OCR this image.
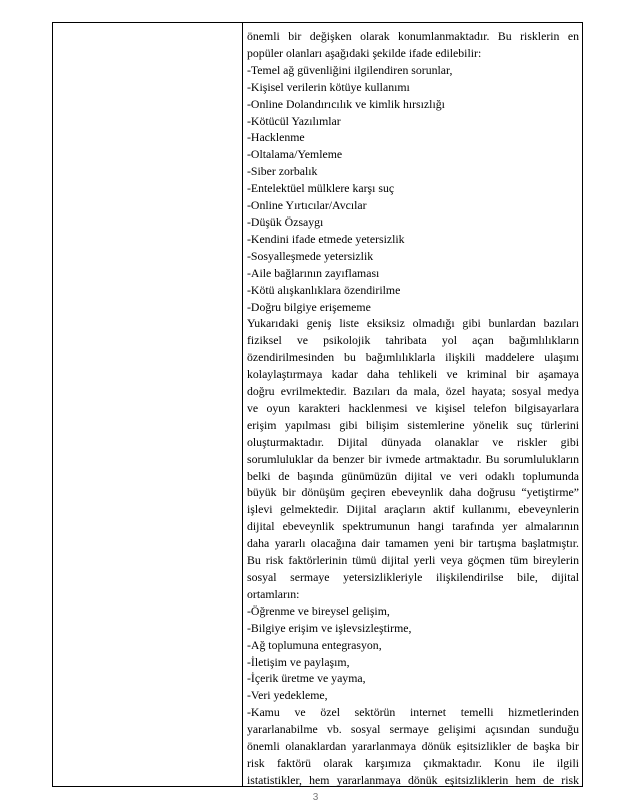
önemli bir değişken olarak konumlanmaktadır. Bu risklerin en
popüler olanları aşağıdaki şekilde ifade edilebilir:
-Temel ağ güvenliğini ilgilendiren sorunlar,
-Kişisel verilerin kötüye kullanımı
-Online Dolandırıcılık ve kimlik hırsızlığı
-Kötücül Yazılımlar
-Hacklenme
-Oltalama/Yemleme
-Siber zorbalık
-Entelektüel mülklere karşı suç
-Online Yırtıcılar/Avcılar
-Düşük Özsaygı
-Kendini ifade etmede yetersizlik
-Sosyalleşmede yetersizlik
-Aile bağlarının zayıflaması
-Kötü alışkanlıklara özendirilme
-Doğru bilgiye erişememe
Yukarıdaki geniş liste eksiksiz olmadığı gibi bunlardan bazıları
fiziksel ve psikolojik tahribata yol açan bağımlılıkların
özendirilmesinden bu bağımlılıklarla ilişkili maddelere ulaşımı
kolaylaştırmaya kadar daha tehlikeli ve kriminal bir aşamaya
doğru evrilmektedir. Bazıları da mala, özel hayata; sosyal medya
ve oyun karakteri hacklenmesi ve kişisel telefon bilgisayarlara
erişim yapılması gibi bilişim sistemlerine yönelik suç türlerini
oluşturmaktadır. Dijital dünyada olanaklar ve riskler gibi
sorumluluklar da benzer bir ivmede artmaktadır. Bu sorumlulukların
belki de başında günümüzün dijital ve veri odaklı toplumunda
büyük bir dönüşüm geçiren ebeveynlik daha doğrusu “yetiştirme”
işlevi gelmektedir. Dijital araçların aktif kullanımı, ebeveynlerin
dijital ebeveynlik spektrumunun hangi tarafında yer almalarının
daha yararlı olacağına dair tamamen yeni bir tartışma başlatmıştır.
Bu risk faktörlerinin tümü dijital yerli veya göçmen tüm bireylerin
sosyal sermaye yetersizlikleriyle ilişkilendirilse bile, dijital
ortamların:
-Öğrenme ve bireysel gelişim,
-Bilgiye erişim ve işlevsizleştirme,
-Ağ toplumuna entegrasyon,
-İletişim ve paylaşım,
-İçerik üretme ve yayma,
-Veri yedekleme,
-Kamu ve özel sektörün internet temelli hizmetlerinden
yararlanabilme vb. sosyal sermaye gelişimi açısından sunduğu
önemli olanaklardan yararlanmaya dönük eşitsizlikler de başka bir
risk faktörü olarak karşımıza çıkmaktadır. Konu ile ilgili
istatistikler, hem yararlanmaya dönük eşitsizliklerin hem de risk
3
